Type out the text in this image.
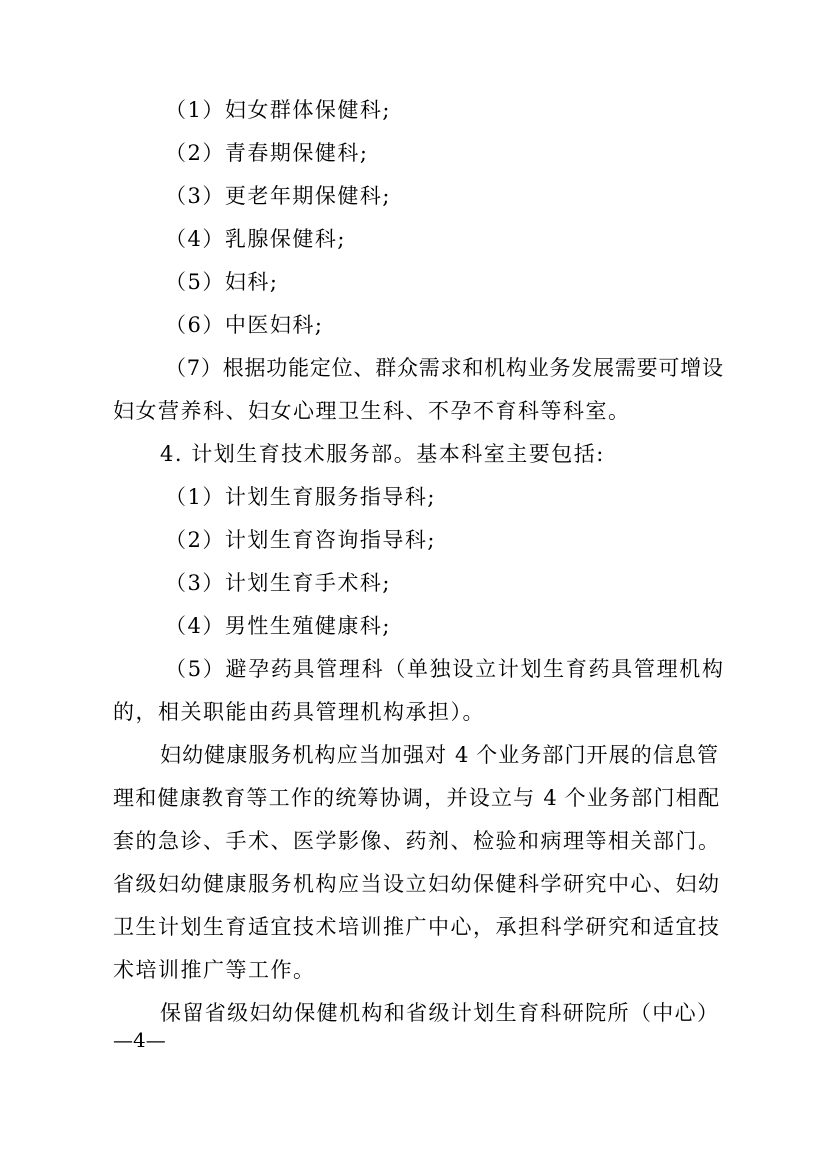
（1）妇女群体保健科;
（2）青春期保健科;
（3）更老年期保健科;
（4）乳腺保健科;
（5）妇科;
（6）中医妇科;
（7）根据功能定位、群众需求和机构业务发展需要可增设
妇女营养科、妇女心理卫生科、不孕不育科等科室。
4. 计划生育技术服务部。基本科室主要包括:
（1）计划生育服务指导科;
（2）计划生育咨询指导科;
（3）计划生育手术科;
（4）男性生殖健康科;
（5）避孕药具管理科（单独设立计划生育药具管理机构
的，相关职能由药具管理机构承担）。
妇幼健康服务机构应当加强对 4 个业务部门开展的信息管
理和健康教育等工作的统筹协调，并设立与 4 个业务部门相配
套的急诊、手术、医学影像、药剂、检验和病理等相关部门。
省级妇幼健康服务机构应当设立妇幼保健科学研究中心、妇幼
卫生计划生育适宜技术培训推广中心，承担科学研究和适宜技
术培训推广等工作。
保留省级妇幼保健机构和省级计划生育科研院所（中心）
—4—
